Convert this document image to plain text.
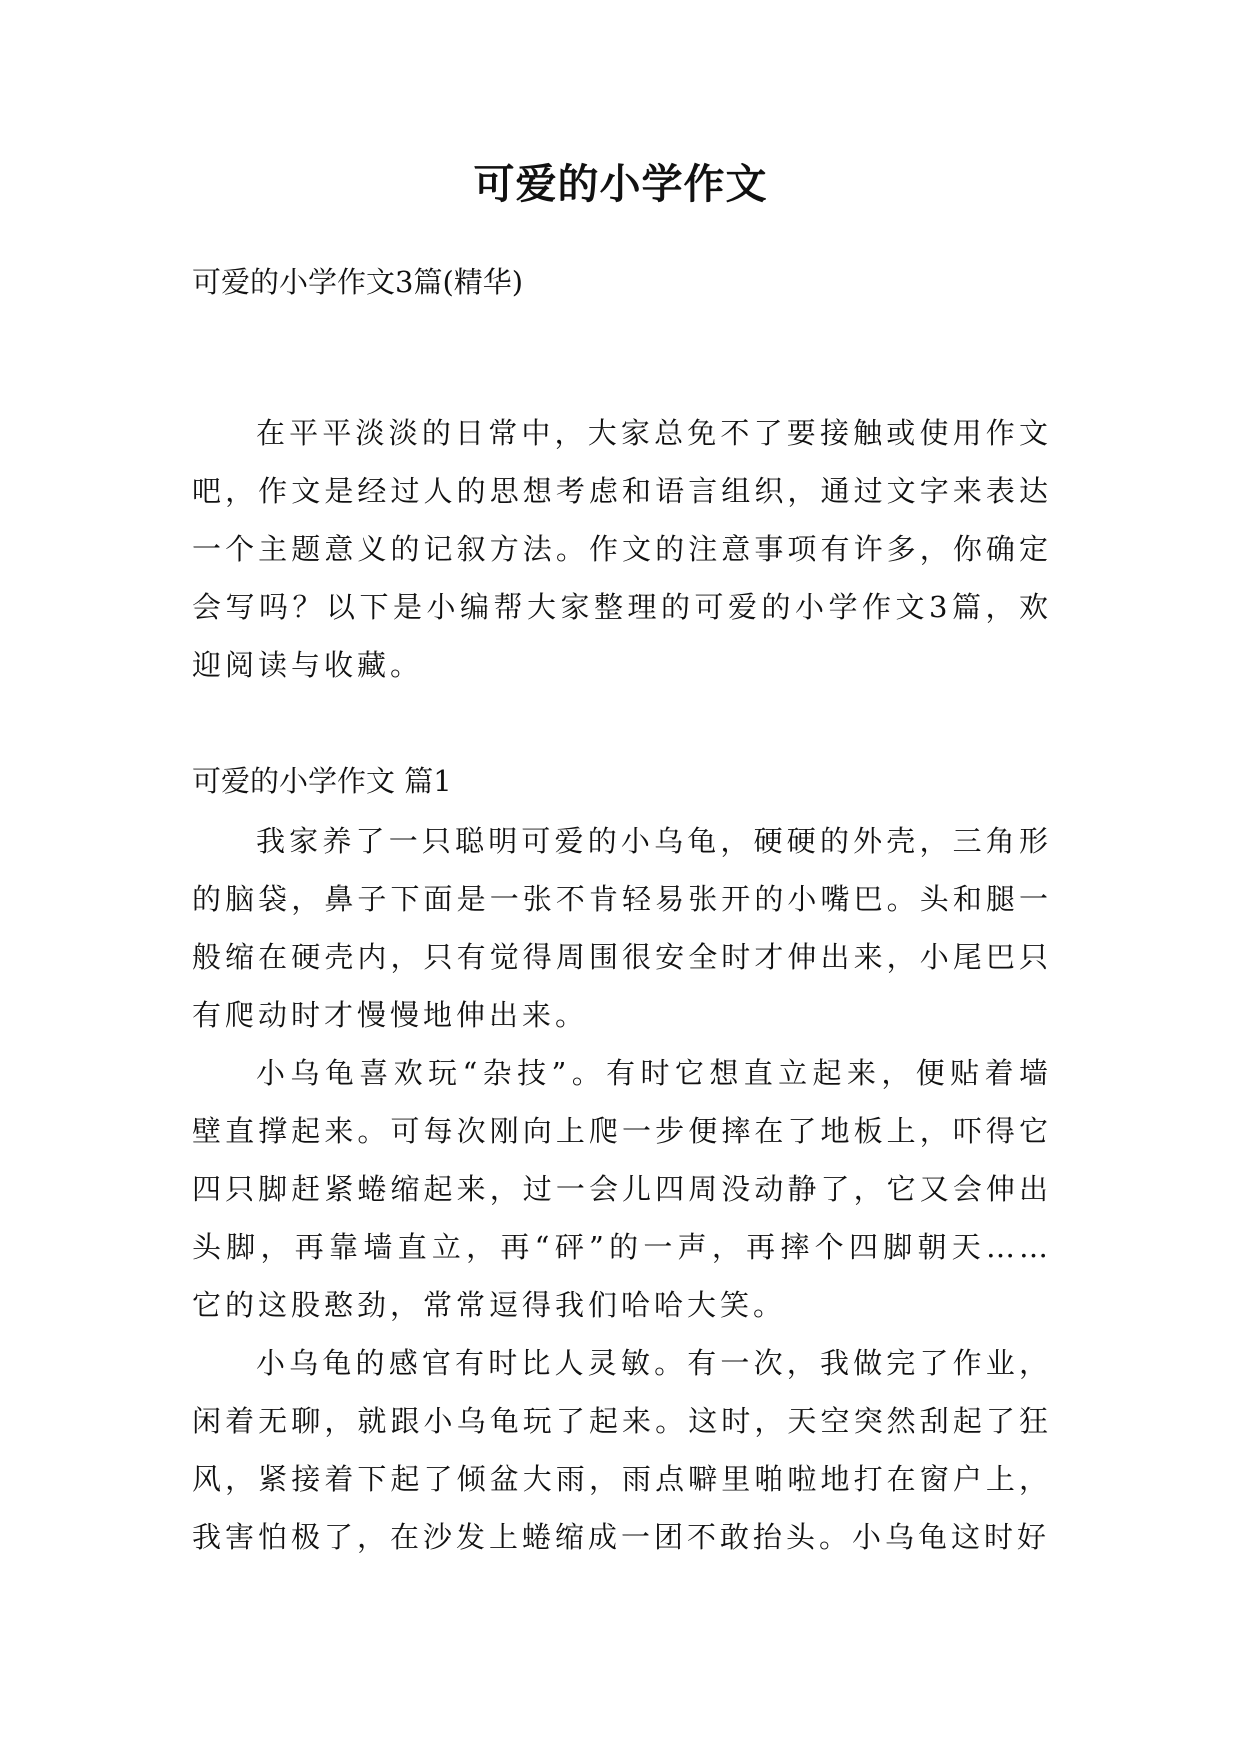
可爱的小学作文
可爱的小学作文3篇(精华)

在平平淡淡的日常中，大家总免不了要接触或使用作文吧，作文是经过人的思想考虑和语言组织，通过文字来表达一个主题意义的记叙方法。作文的注意事项有许多，你确定会写吗？以下是小编帮大家整理的可爱的小学作文3篇，欢迎阅读与收藏。

可爱的小学作文 篇1

我家养了一只聪明可爱的小乌龟，硬硬的外壳，三角形的脑袋，鼻子下面是一张不肯轻易张开的小嘴巴。头和腿一般缩在硬壳内，只有觉得周围很安全时才伸出来，小尾巴只有爬动时才慢慢地伸出来。

小乌龟喜欢玩“杂技”。有时它想直立起来，便贴着墙壁直撑起来。可每次刚向上爬一步便摔在了地板上，吓得它四只脚赶紧蜷缩起来，过一会儿四周没动静了，它又会伸出头脚，再靠墙直立，再“砰”的一声，再摔个四脚朝天……它的这股憨劲，常常逗得我们哈哈大笑。

小乌龟的感官有时比人灵敏。有一次，我做完了作业，闲着无聊，就跟小乌龟玩了起来。这时，天空突然刮起了狂风，紧接着下起了倾盆大雨，雨点噼里啪啦地打在窗户上，我害怕极了，在沙发上蜷缩成一团不敢抬头。小乌龟这时好
